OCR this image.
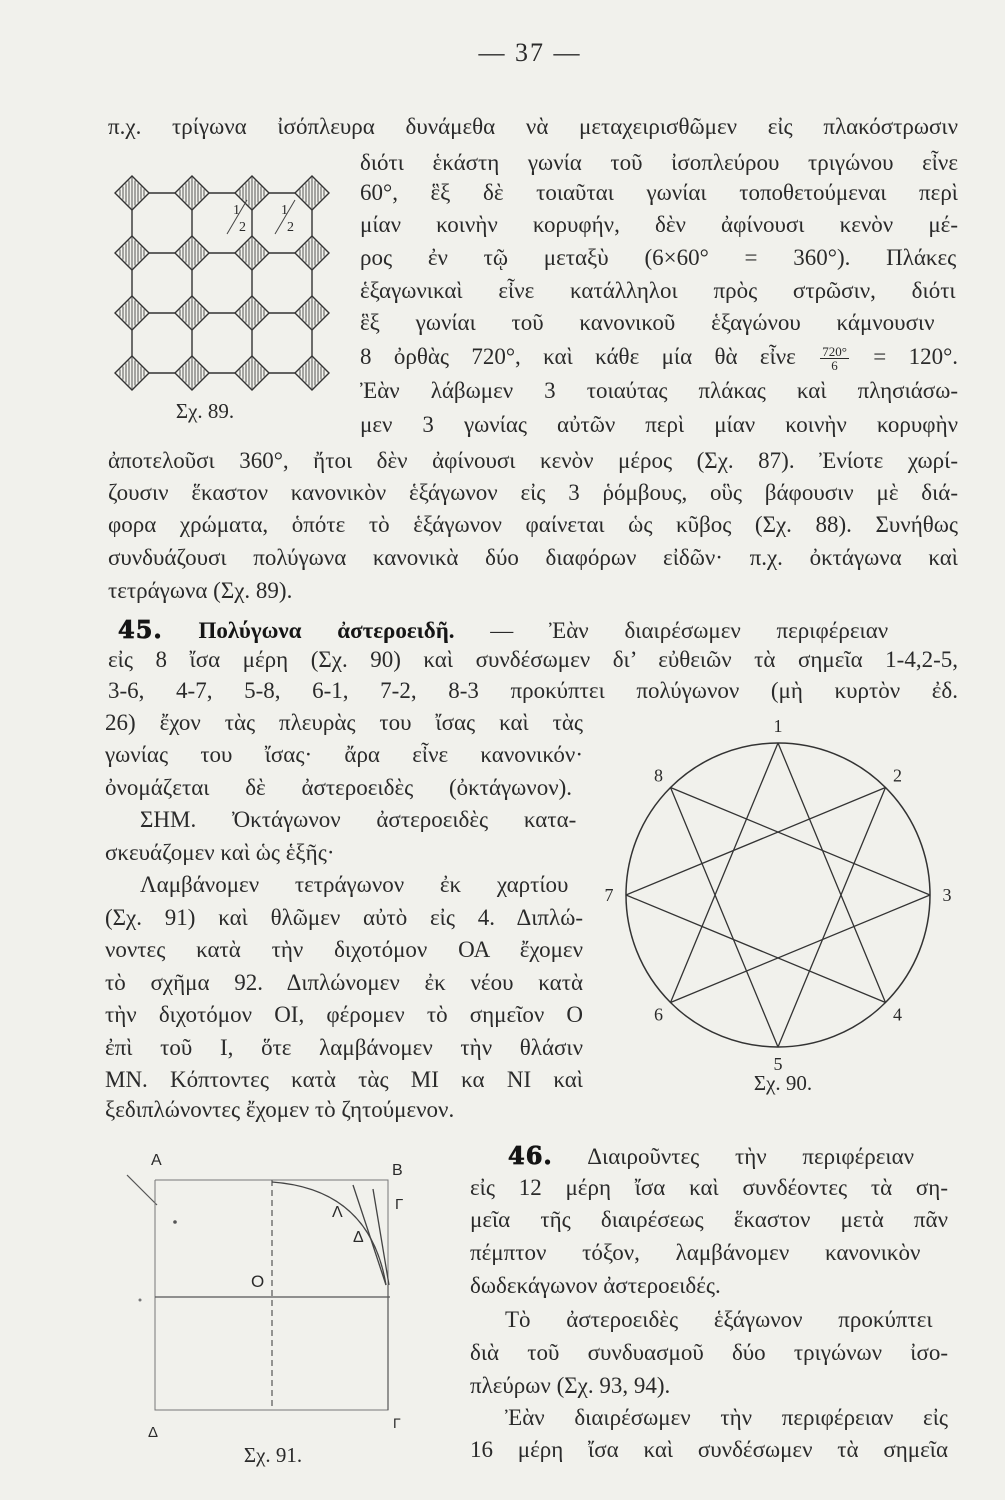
— 37 —
π.χ. τρίγωνα ἰσόπλευρα δυνάμεθα νὰ μεταχειρισθῶμεν εἰς πλακόστρωσιν
1
2
1
2
Σχ. 89.
διότι ἑκάστη γωνία τοῦ ἰσοπλεύρου τριγώνου εἶνε
60°, ἓξ δὲ τοιαῦται γωνίαι τοποθετούμεναι περὶ
μίαν κοινὴν κορυφήν, δὲν ἀφίνουσι κενὸν μέ-
ρος ἐν τῷ μεταξὺ (6×60° = 360°). Πλάκες
ἑξαγωνικαὶ εἶνε κατάλληλοι πρὸς στρῶσιν, διότι
ἓξ γωνίαι τοῦ κανονικοῦ ἑξαγώνου κάμνουσιν
8 ὀρθὰς 720°, καὶ κάθε μία θὰ εἶνε $\frac{720^\circ}{6} = 120^\circ$.
Ἐὰν λάβωμεν 3 τοιαύτας πλάκας καὶ πλησιάσω-
μεν 3 γωνίας αὐτῶν περὶ μίαν κοινὴν κορυφὴν
ἀποτελοῦσι 360°, ἤτοι δὲν ἀφίνουσι κενὸν μέρος (Σχ. 87). Ἐνίοτε χωρί-
ζουσιν ἕκαστον κανονικὸν ἑξάγωνον εἰς 3 ῥόμβους, οὓς βάφουσιν μὲ διά-
φορα χρώματα, ὁπότε τὸ ἑξάγωνον φαίνεται ὡς κῦβος (Σχ. 88). Συνήθως
συνδυάζουσι πολύγωνα κανονικὰ δύο διαφόρων εἰδῶν· π.χ. ὀκτάγωνα καὶ
τετράγωνα (Σχ. 89).
45. Πολύγωνα ἀστεροειδῆ. — Ἐὰν διαιρέσωμεν περιφέρειαν
εἰς 8 ἴσα μέρη (Σχ. 90) καὶ συνδέσωμεν δι’ εὐθειῶν τὰ σημεῖα 1-4,2-5,
3-6, 4-7, 5-8, 6-1, 7-2, 8-3 προκύπτει πολύγωνον (μὴ κυρτὸν ἐδ.
26) ἔχον τὰς πλευρὰς του ἴσας καὶ τὰς
γωνίας του ἴσας· ἄρα εἶνε κανονικόν·
ὀνομάζεται δὲ ἀστεροειδὲς (ὀκτάγωνον).
ΣΗΜ. Ὀκτάγωνον ἀστεροειδὲς κατα-
σκευάζομεν καὶ ὡς ἑξῆς·
Λαμβάνομεν τετράγωνον ἐκ χαρτίου
(Σχ. 91) καὶ θλῶμεν αὐτὸ εἰς 4. Διπλώ-
νοντες κατὰ τὴν διχοτόμον ΟΑ ἔχομεν
τὸ σχῆμα 92. Διπλώνομεν ἐκ νέου κατὰ
τὴν διχοτόμον ΟΙ, φέρομεν τὸ σημεῖον Ο
ἐπὶ τοῦ Ι, ὅτε λαμβάνομεν τὴν θλάσιν
ΜΝ. Κόπτοντες κατὰ τὰς ΜΙ κα ΝΙ καὶ
ξεδιπλώνοντες ἔχομεν τὸ ζητούμενον.
1
2
3
4
5
6
7
8
Σχ. 90.
A
B
Γ
Λ
Δ
O
Δ
Γ
Σχ. 91.
46. Διαιροῦντες τὴν περιφέρειαν
εἰς 12 μέρη ἴσα καὶ συνδέοντες τὰ ση-
μεῖα τῆς διαιρέσεως ἕκαστον μετὰ πᾶν
πέμπτον τόξον, λαμβάνομεν κανονικὸν
δωδεκάγωνον ἀστεροειδές.
Τὸ ἀστεροειδὲς ἑξάγωνον προκύπτει
διὰ τοῦ συνδυασμοῦ δύο τριγώνων ἰσο-
πλεύρων (Σχ. 93, 94).
Ἐὰν διαιρέσωμεν τὴν περιφέρειαν εἰς
16 μέρη ἴσα καὶ συνδέσωμεν τὰ σημεῖα
